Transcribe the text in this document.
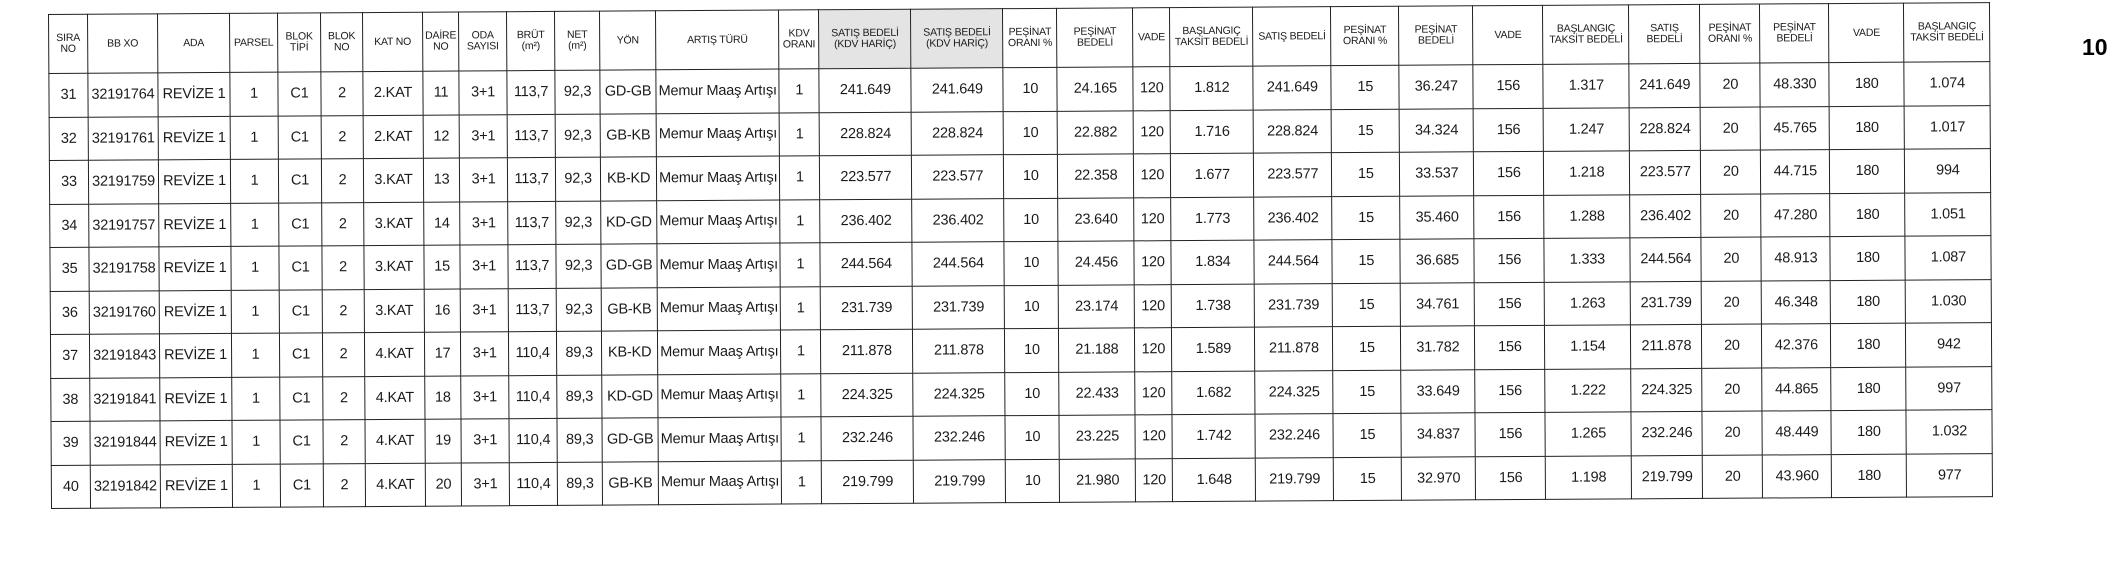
SIRA NO	BB XO	ADA	PARSEL	BLOK TİPİ	BLOK NO	KAT NO	DAİRE NO	ODA SAYISI	BRÜT (m²)	NET (m²)	YÖN	ARTIŞ TÜRÜ	KDV ORANI	SATIŞ BEDELİ (KDV HARİÇ)	SATIŞ BEDELİ (KDV HARİÇ)	PEŞİNAT ORANI %	PEŞİNAT BEDELİ	VADE	BAŞLANGIÇ TAKSİT BEDELİ	SATIŞ BEDELİ	PEŞİNAT ORANI %	PEŞİNAT BEDELİ	VADE	BAŞLANGIÇ TAKSİT BEDELİ	SATIŞ BEDELİ	PEŞİNAT ORANI %	PEŞİNAT BEDELİ	VADE	BAŞLANGIÇ TAKSİT BEDELİ
31	32191764	REVİZE 1	1	C1	2	2.KAT	11	3+1	113,7	92,3	GD-GB	Memur Maaş Artışı	1	241.649	241.649	10	24.165	120	1.812	241.649	15	36.247	156	1.317	241.649	20	48.330	180	1.074
32	32191761	REVİZE 1	1	C1	2	2.KAT	12	3+1	113,7	92,3	GB-KB	Memur Maaş Artışı	1	228.824	228.824	10	22.882	120	1.716	228.824	15	34.324	156	1.247	228.824	20	45.765	180	1.017
33	32191759	REVİZE 1	1	C1	2	3.KAT	13	3+1	113,7	92,3	KB-KD	Memur Maaş Artışı	1	223.577	223.577	10	22.358	120	1.677	223.577	15	33.537	156	1.218	223.577	20	44.715	180	994
34	32191757	REVİZE 1	1	C1	2	3.KAT	14	3+1	113,7	92,3	KD-GD	Memur Maaş Artışı	1	236.402	236.402	10	23.640	120	1.773	236.402	15	35.460	156	1.288	236.402	20	47.280	180	1.051
35	32191758	REVİZE 1	1	C1	2	3.KAT	15	3+1	113,7	92,3	GD-GB	Memur Maaş Artışı	1	244.564	244.564	10	24.456	120	1.834	244.564	15	36.685	156	1.333	244.564	20	48.913	180	1.087
36	32191760	REVİZE 1	1	C1	2	3.KAT	16	3+1	113,7	92,3	GB-KB	Memur Maaş Artışı	1	231.739	231.739	10	23.174	120	1.738	231.739	15	34.761	156	1.263	231.739	20	46.348	180	1.030
37	32191843	REVİZE 1	1	C1	2	4.KAT	17	3+1	110,4	89,3	KB-KD	Memur Maaş Artışı	1	211.878	211.878	10	21.188	120	1.589	211.878	15	31.782	156	1.154	211.878	20	42.376	180	942
38	32191841	REVİZE 1	1	C1	2	4.KAT	18	3+1	110,4	89,3	KD-GD	Memur Maaş Artışı	1	224.325	224.325	10	22.433	120	1.682	224.325	15	33.649	156	1.222	224.325	20	44.865	180	997
39	32191844	REVİZE 1	1	C1	2	4.KAT	19	3+1	110,4	89,3	GD-GB	Memur Maaş Artışı	1	232.246	232.246	10	23.225	120	1.742	232.246	15	34.837	156	1.265	232.246	20	48.449	180	1.032
40	32191842	REVİZE 1	1	C1	2	4.KAT	20	3+1	110,4	89,3	GB-KB	Memur Maaş Artışı	1	219.799	219.799	10	21.980	120	1.648	219.799	15	32.970	156	1.198	219.799	20	43.960	180	977
10
